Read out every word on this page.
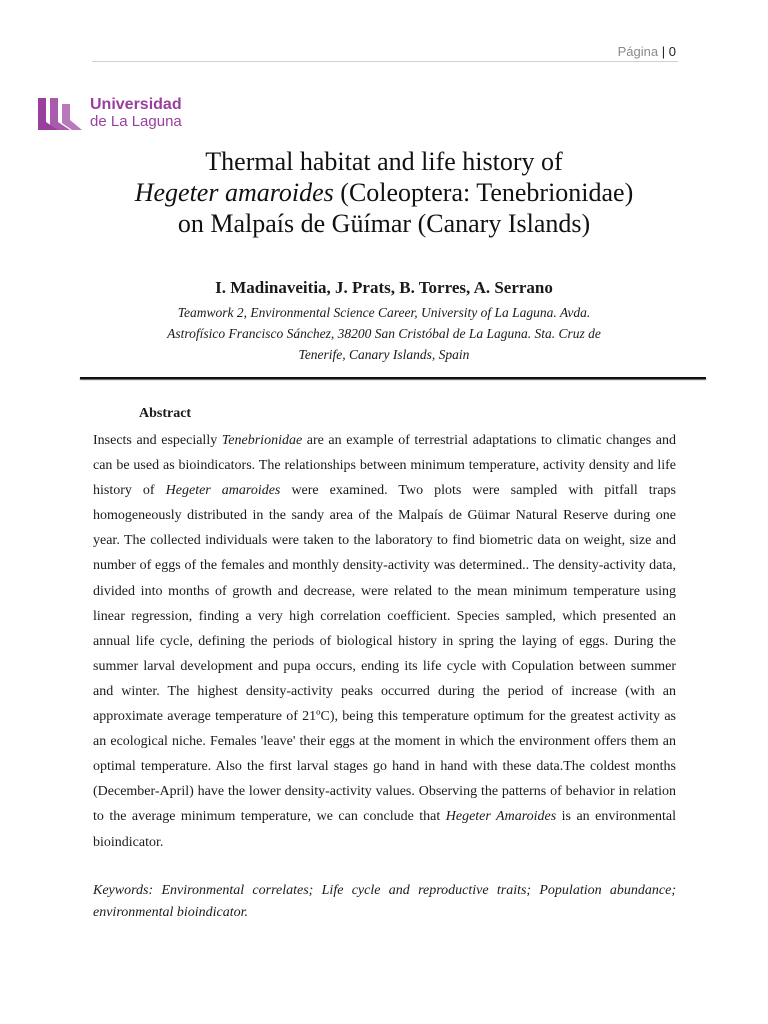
Página | 0
Universidad
de La Laguna
Thermal habitat and life history of
Hegeter amaroides (Coleoptera: Tenebrionidae)
on Malpaís de Güímar (Canary Islands)
I. Madinaveitia, J. Prats, B. Torres, A. Serrano
Teamwork 2, Environmental Science Career, University of La Laguna. Avda.
Astrofísico Francisco Sánchez, 38200 San Cristóbal de La Laguna. Sta. Cruz de
Tenerife, Canary Islands, Spain
Abstract

Insects and especially Tenebrionidae are an example of terrestrial adaptations to climatic changes and can be used as bioindicators. The relationships between minimum temperature, activity density and life history of Hegeter amaroides were examined. Two plots were sampled with pitfall traps homogeneously distributed in the sandy area of the Malpaís de Güimar Natural Reserve during one year. The collected individuals were taken to the laboratory to find biometric data on weight, size and number of eggs of the females and monthly density-activity was determined.. The density-activity data, divided into months of growth and decrease, were related to the mean minimum temperature using linear regression, finding a very high correlation coefficient. Species sampled, which presented an annual life cycle, defining the periods of biological history in spring the laying of eggs. During the summer larval development and pupa occurs, ending its life cycle with Copulation between summer and winter. The highest density-activity peaks occurred during the period of increase (with an approximate average temperature of 21ºC), being this temperature optimum for the greatest activity as an ecological niche. Females 'leave' their eggs at the moment in which the environment offers them an optimal temperature. Also the first larval stages go hand in hand with these data.The coldest months (December-April) have the lower density-activity values. Observing the patterns of behavior in relation to the average minimum temperature, we can conclude that Hegeter Amaroides is an environmental bioindicator.

Keywords: Environmental correlates; Life cycle and reproductive traits; Population abundance; environmental bioindicator.
